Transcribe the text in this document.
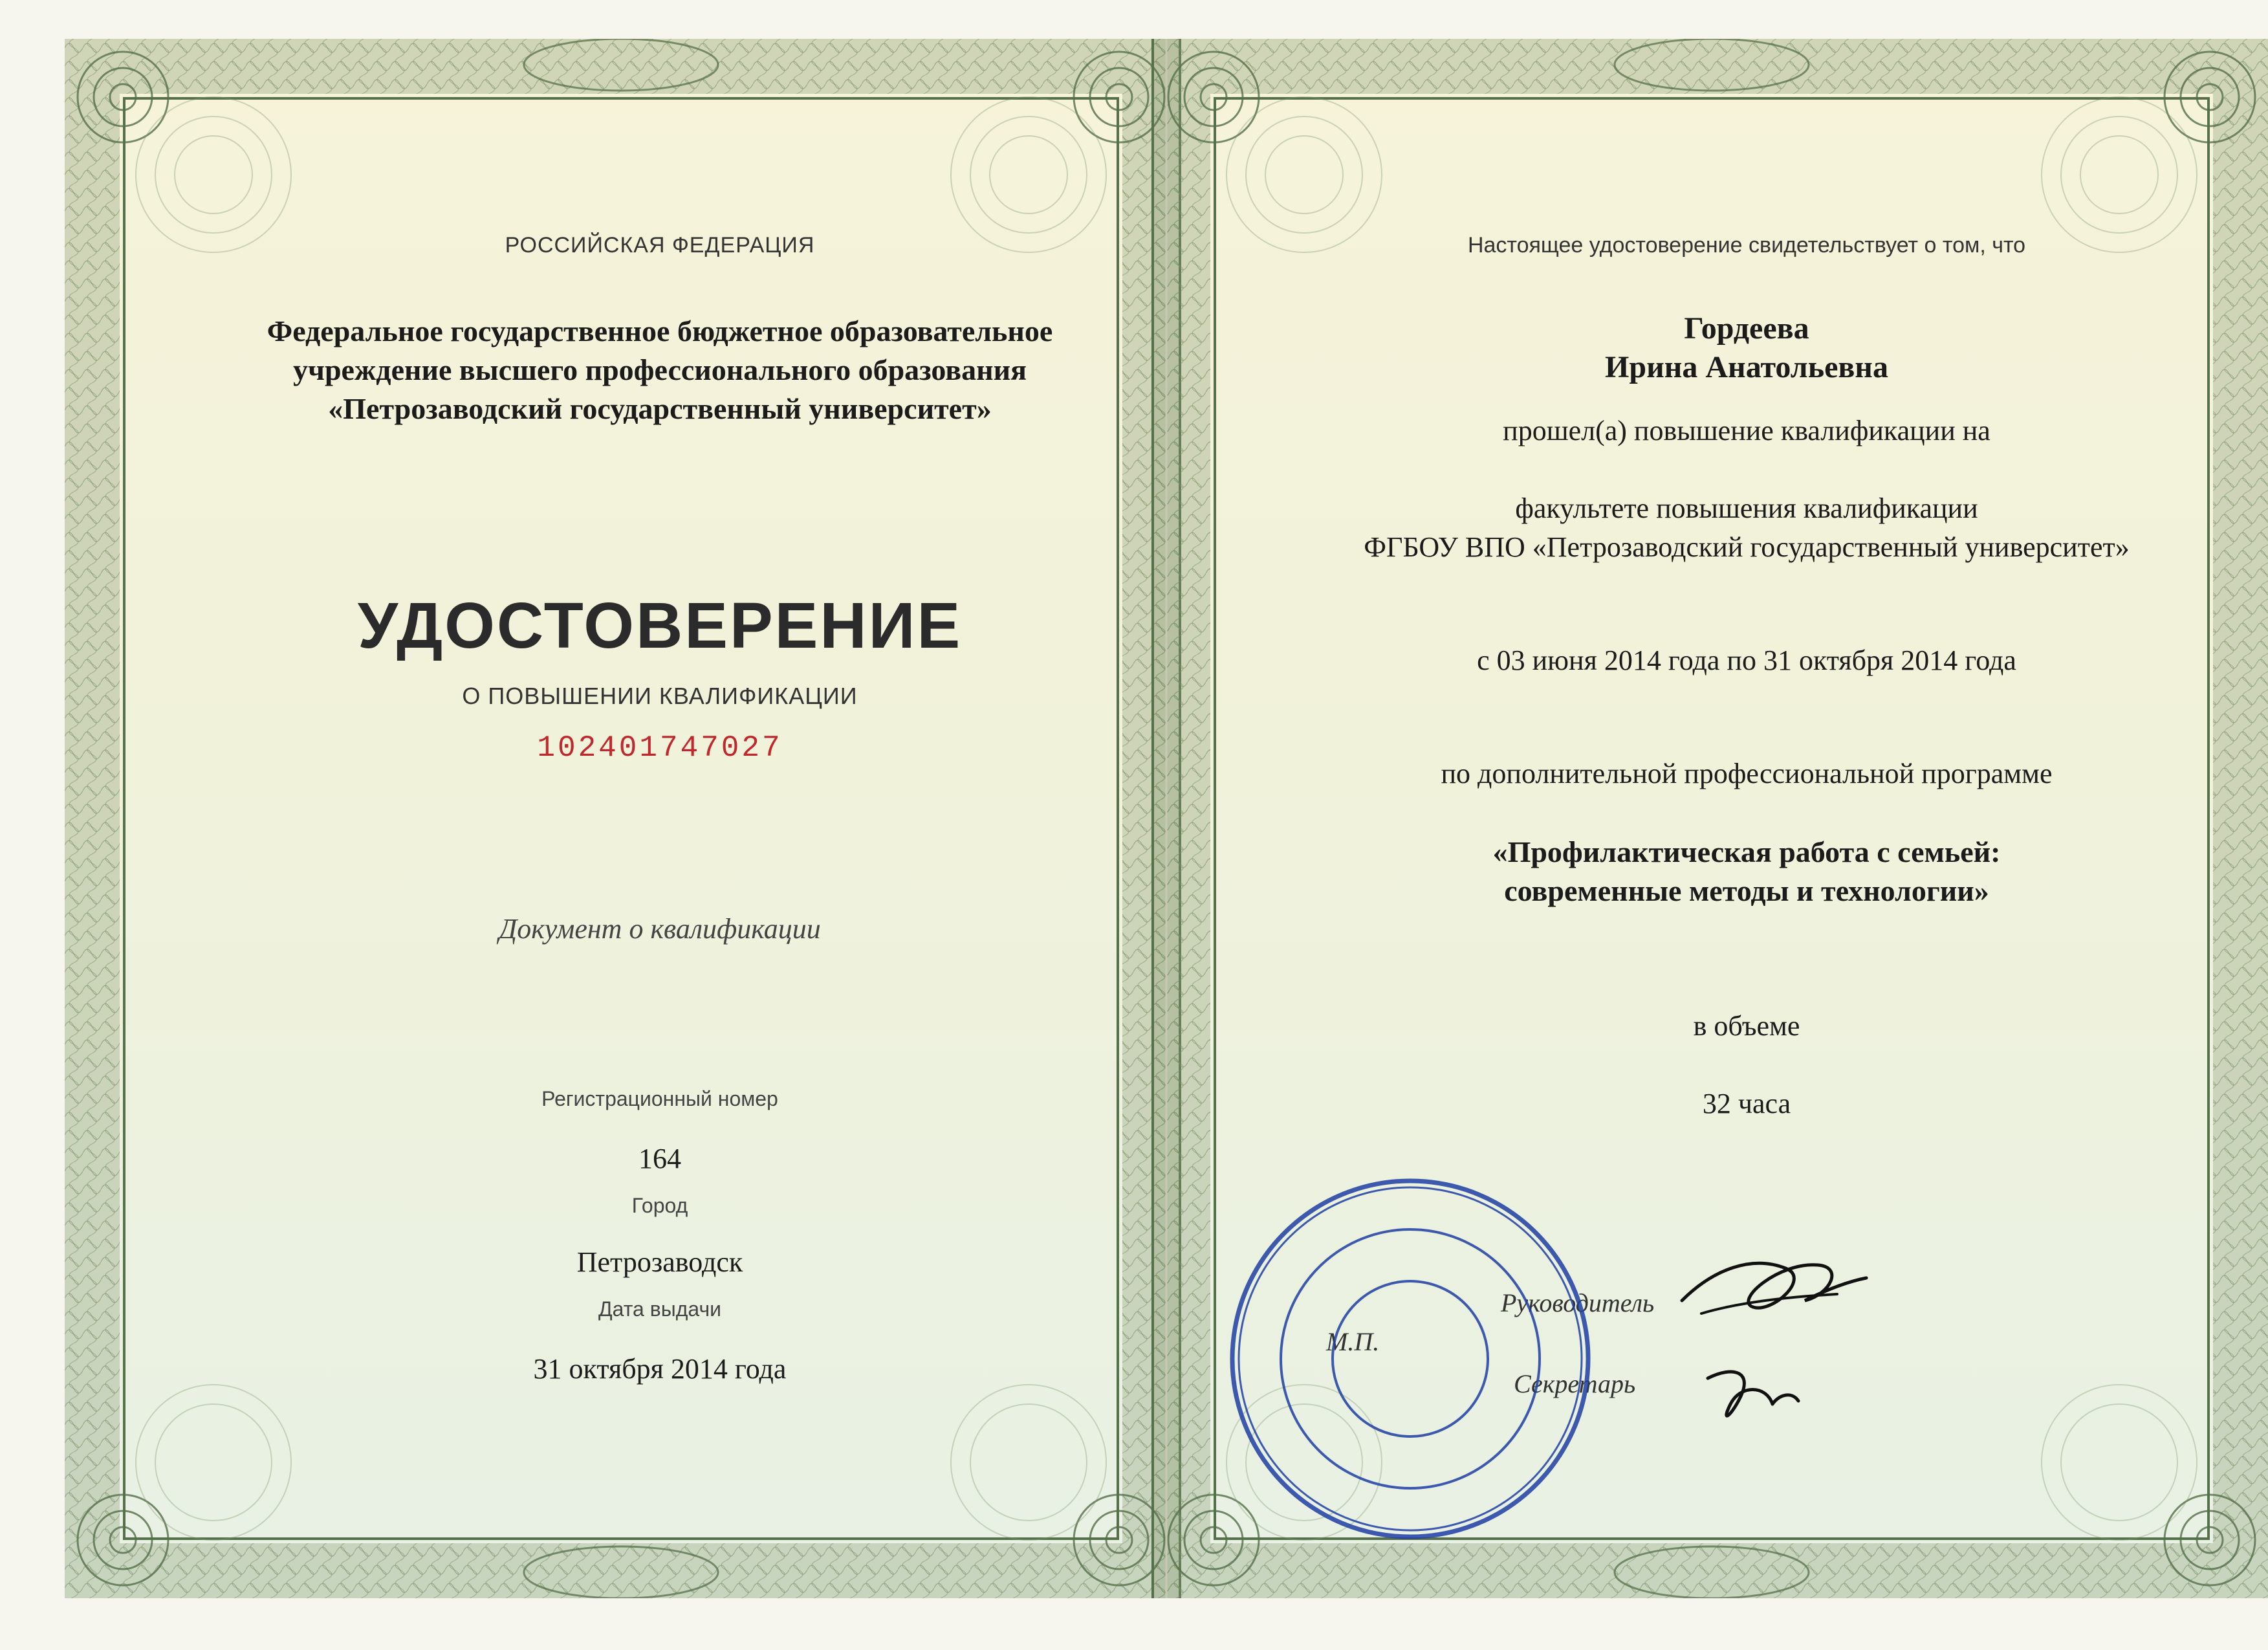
РОССИЙСКАЯ ФЕДЕРАЦИЯ
Федеральное государственное бюджетное образовательное
учреждение высшего профессионального образования
«Петрозаводский государственный университет»
УДОСТОВЕРЕНИЕ
О ПОВЫШЕНИИ КВАЛИФИКАЦИИ
102401747027
Документ о квалификации
Регистрационный номер
164
Город
Петрозаводск
Дата выдачи
31 октября 2014 года
Настоящее удостоверение свидетельствует о том, что
Гордеева
Ирина Анатольевна
прошел(а) повышение квалификации на
факультете повышения квалификации
ФГБОУ ВПО «Петрозаводский государственный университет»
с 03 июня 2014 года по 31 октября 2014 года
по дополнительной профессиональной программе
«Профилактическая работа с семьей:
современные методы и технологии»
в объеме
32 часа
М.П.
Руководитель
Секретарь
